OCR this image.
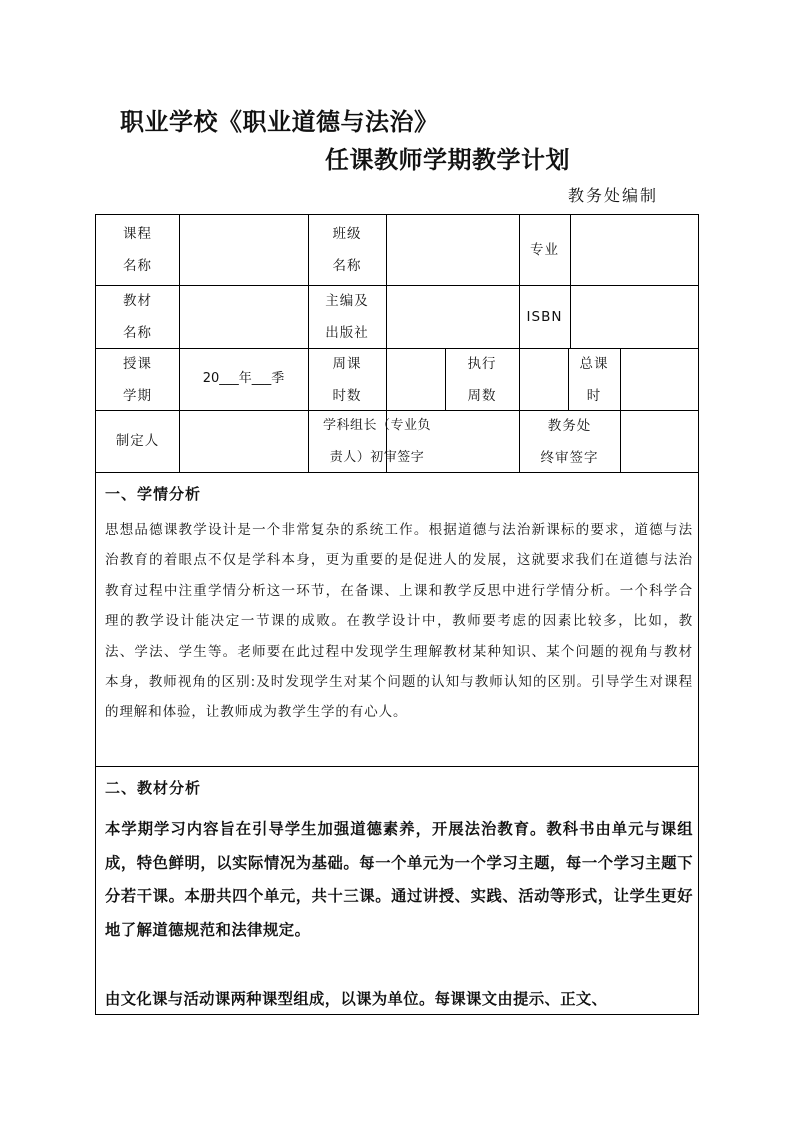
职业学校《职业道德与法治》
任课教师学期教学计划
教务处编制
课程
名称
班级
名称
专业
教材
名称
主编及
出版社
ISBN
授课
学期
20___年___季
周课
时数
执行
周数
总课
时
制定人
学科组长（专业负
责人）初审签字
教务处
终审签字
一、学情分析

思想品德课教学设计是一个非常复杂的系统工作。根据道德与法治新课标的要求，道德与法治教育的着眼点不仅是学科本身，更为重要的是促进人的发展，这就要求我们在道德与法治教育过程中注重学情分析这一环节，在备课、上课和教学反思中进行学情分析。一个科学合理的教学设计能决定一节课的成败。在教学设计中，教师要考虑的因素比较多，比如，教法、学法、学生等。老师要在此过程中发现学生理解教材某种知识、某个问题的视角与教材本身，教师视角的区别:及时发现学生对某个问题的认知与教师认知的区别。引导学生对课程的理解和体验，让教师成为教学生学的有心人。

二、教材分析

本学期学习内容旨在引导学生加强道德素养，开展法治教育。教科书由单元与课组成，特色鲜明，以实际情况为基础。每一个单元为一个学习主题，每一个学习主题下分若干课。本册共四个单元，共十三课。通过讲授、实践、活动等形式，让学生更好地了解道德规范和法律规定。

由文化课与活动课两种课型组成，以课为单位。每课课文由提示、正文、
